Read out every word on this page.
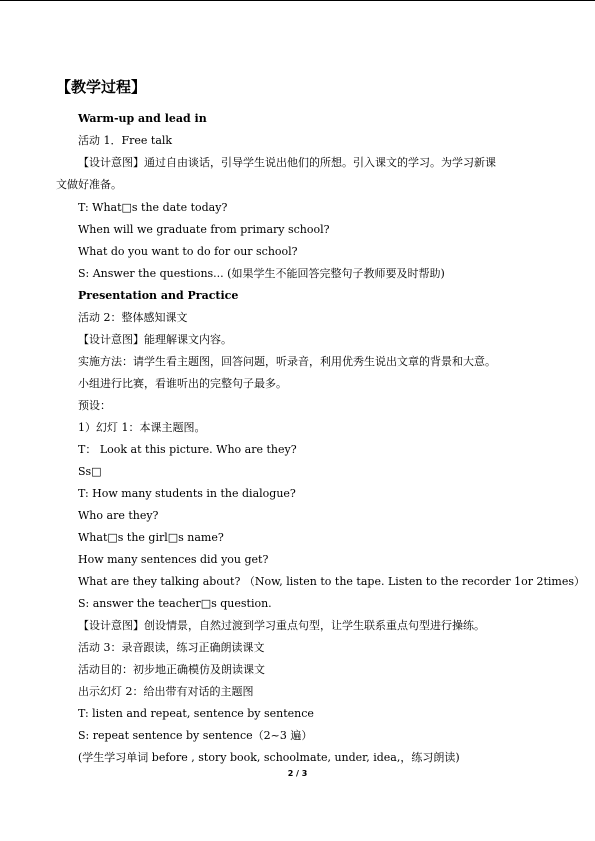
【教学过程】
Warm-up and lead in
活动 1．Free talk
【设计意图】通过自由谈话，引导学生说出他们的所想。引入课文的学习。为学习新课
文做好准备。
T: What□s the date today?
When will we graduate from primary school?
What do you want to do for our school?
S: Answer the questions... (如果学生不能回答完整句子教师要及时帮助)
Presentation and Practice
活动 2：整体感知课文
【设计意图】能理解课文内容。
实施方法：请学生看主题图，回答问题，听录音，利用优秀生说出文章的背景和大意。
小组进行比赛，看谁听出的完整句子最多。
预设：
1）幻灯 1：本课主题图。
T： Look at this picture. Who are they?
Ss□
T: How many students in the dialogue?
Who are they?
What□s the girl□s name?
How many sentences did you get?
What are they talking about? （Now, listen to the tape. Listen to the recorder 1or 2times）
S: answer the teacher□s question.
【设计意图】创设情景，自然过渡到学习重点句型，让学生联系重点句型进行操练。
活动 3：录音跟读，练习正确朗读课文
活动目的：初步地正确模仿及朗读课文
出示幻灯 2：给出带有对话的主题图
T: listen and repeat, sentence by sentence
S: repeat sentence by sentence（2~3 遍）
(学生学习单词 before , story book, schoolmate, under, idea,，练习朗读)
2 / 3
